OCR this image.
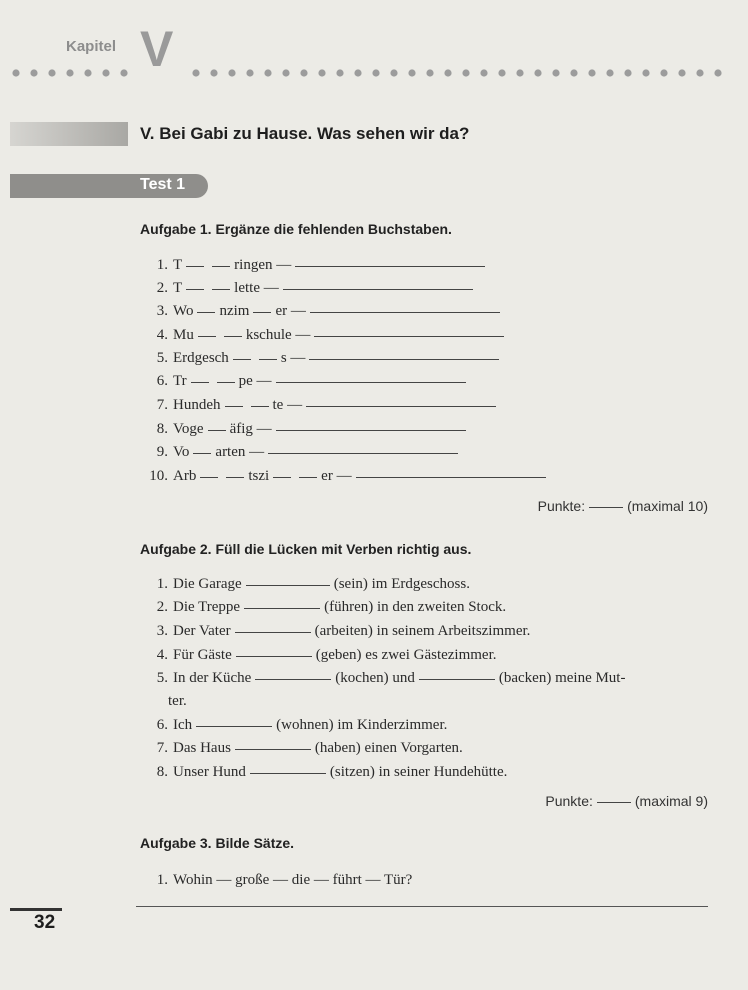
Kapitel V
V. Bei Gabi zu Hause. Was sehen wir da?
Test 1
Aufgabe 1. Ergänze die fehlenden Buchstaben.
1. T	ringen —
2. T	lette —
3. Wo nzim er —
4. Mu	kschule —
5. Erdgesch	s —
6. Tr	pe —
7. Hundeh	te —
8. Voge äfig —
9. Vo arten —
10. Arb	tszi	er —
Punkte:	(maximal 10)
Aufgabe 2. Füll die Lücken mit Verben richtig aus.
1. Die Garage	(sein) im Erdgeschoss.
2. Die Treppe	(führen) in den zweiten Stock.
3. Der Vater	(arbeiten) in seinem Arbeitszimmer.
4. Für Gäste	(geben) es zwei Gästezimmer.
5. In der Küche	(kochen) und	(backen) meine Mut-
ter.
6. Ich	(wohnen) im Kinderzimmer.
7. Das Haus	(haben) einen Vorgarten.
8. Unser Hund	(sitzen) in seiner Hundehütte.
Punkte:	(maximal 9)
Aufgabe 3. Bilde Sätze.
1. Wohin — große — die — führt — Tür?
32
